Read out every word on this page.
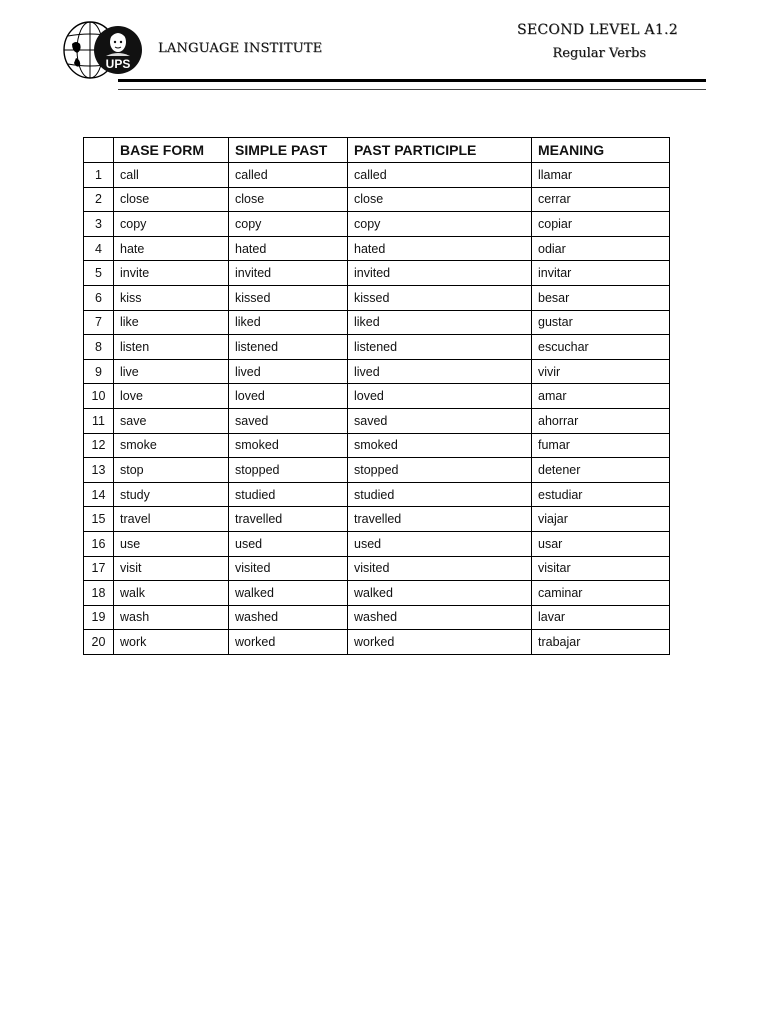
UPS
LANGUAGE INSTITUTE
SECOND LEVEL A1.2
Regular Verbs
	BASE FORM	SIMPLE PAST	PAST PARTICIPLE	MEANING
1	call	called	called	llamar
2	close	close	close	cerrar
3	copy	copy	copy	copiar
4	hate	hated	hated	odiar
5	invite	invited	invited	invitar
6	kiss	kissed	kissed	besar
7	like	liked	liked	gustar
8	listen	listened	listened	escuchar
9	live	lived	lived	vivir
10	love	loved	loved	amar
11	save	saved	saved	ahorrar
12	smoke	smoked	smoked	fumar
13	stop	stopped	stopped	detener
14	study	studied	studied	estudiar
15	travel	travelled	travelled	viajar
16	use	used	used	usar
17	visit	visited	visited	visitar
18	walk	walked	walked	caminar
19	wash	washed	washed	lavar
20	work	worked	worked	trabajar
